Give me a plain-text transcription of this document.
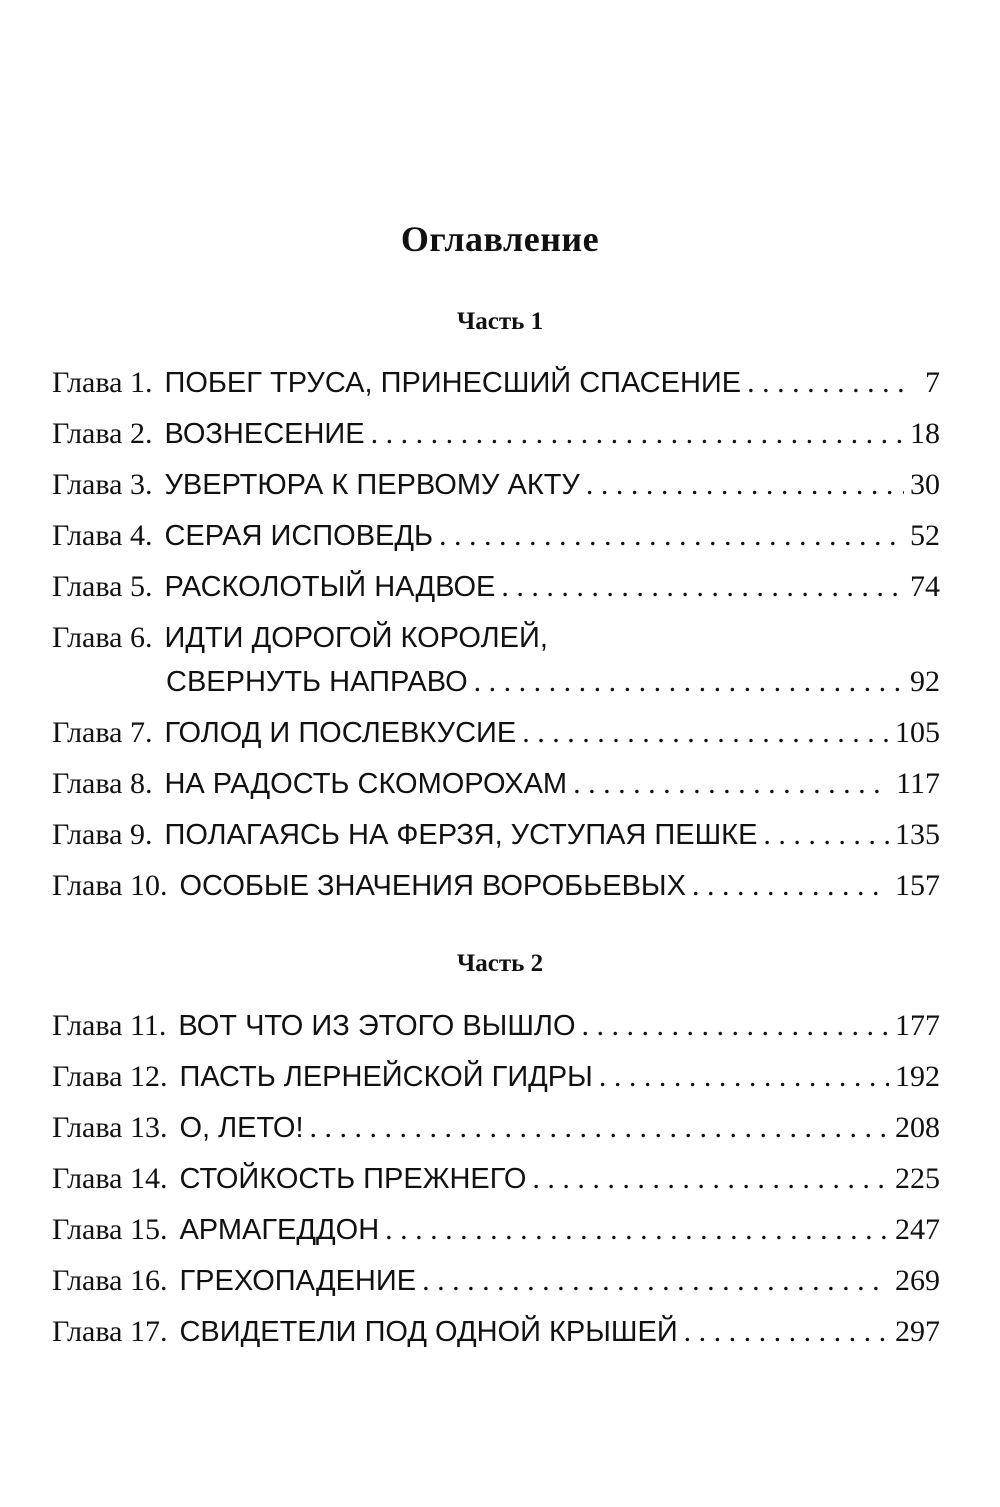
Оглавление
Часть 1
Глава 1. ПОБЕГ ТРУСА, ПРИНЕСШИЙ СПАСЕНИЕ . . .	7
Глава 2. ВОЗНЕСЕНИЕ . . .	18
Глава 3. УВЕРТЮРА К ПЕРВОМУ АКТУ . . .	30
Глава 4. СЕРАЯ ИСПОВЕДЬ . . .	52
Глава 5. РАСКОЛОТЫЙ НАДВОЕ . . .	74
Глава 6. ИДТИ ДОРОГОЙ КОРОЛЕЙ,
СВЕРНУТЬ НАПРАВО . . .	92
Глава 7. ГОЛОД И ПОСЛЕВКУСИЕ . . .	105
Глава 8. НА РАДОСТЬ СКОМОРОХАМ . . .	117
Глава 9. ПОЛАГАЯСЬ НА ФЕРЗЯ, УСТУПАЯ ПЕШКЕ . . .	135
Глава 10. ОСОБЫЕ ЗНАЧЕНИЯ ВОРОБЬЕВЫХ . . .	157
Часть 2
Глава 11. ВОТ ЧТО ИЗ ЭТОГО ВЫШЛО . . .	177
Глава 12. ПАСТЬ ЛЕРНЕЙСКОЙ ГИДРЫ . . .	192
Глава 13. О, ЛЕТО! . . .	208
Глава 14. СТОЙКОСТЬ ПРЕЖНЕГО . . .	225
Глава 15. АРМАГЕДДОН . . .	247
Глава 16. ГРЕХОПАДЕНИЕ . . .	269
Глава 17. СВИДЕТЕЛИ ПОД ОДНОЙ КРЫШЕЙ . . .	297
